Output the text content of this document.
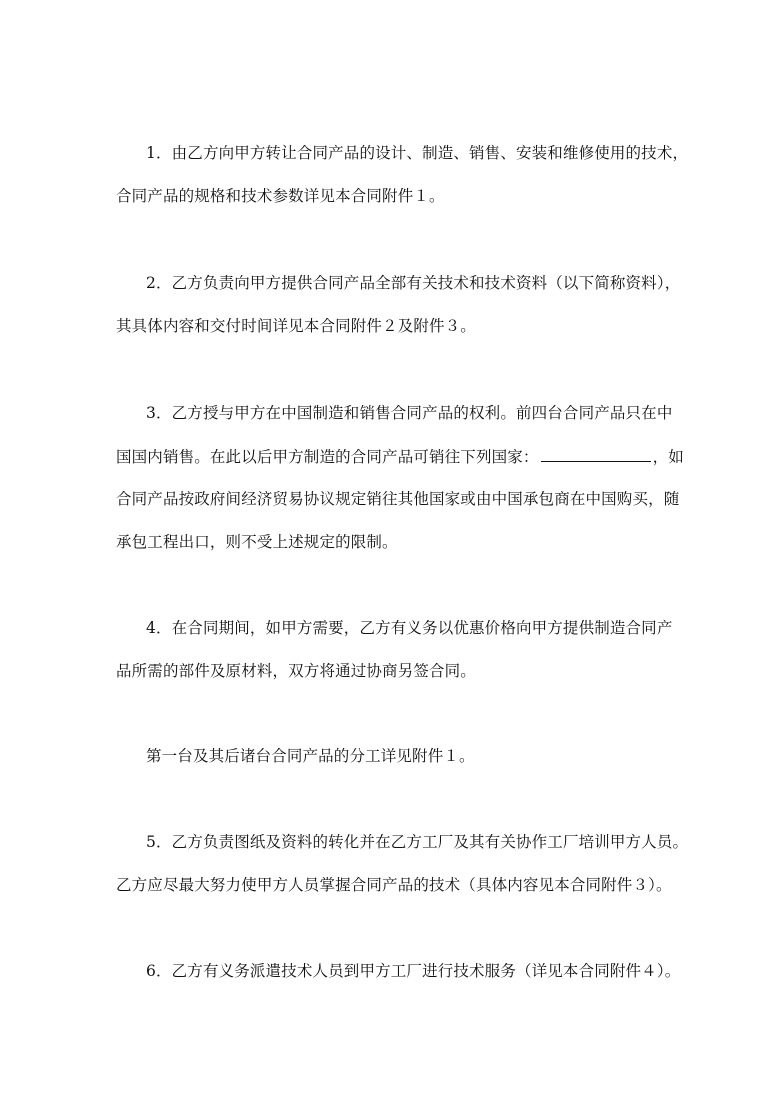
1．由乙方向甲方转让合同产品的设计、制造、销售、安装和维修使用的技术，
合同产品的规格和技术参数详见本合同附件１。
2．乙方负责向甲方提供合同产品全部有关技术和技术资料（以下简称资料），
其具体内容和交付时间详见本合同附件２及附件３。
3．乙方授与甲方在中国制造和销售合同产品的权利。前四台合同产品只在中
国国内销售。在此以后甲方制造的合同产品可销往下列国家：	，如
合同产品按政府间经济贸易协议规定销往其他国家或由中国承包商在中国购买，随
承包工程出口，则不受上述规定的限制。
4．在合同期间，如甲方需要，乙方有义务以优惠价格向甲方提供制造合同产
品所需的部件及原材料，双方将通过协商另签合同。
第一台及其后诸台合同产品的分工详见附件１。
5．乙方负责图纸及资料的转化并在乙方工厂及其有关协作工厂培训甲方人员。
乙方应尽最大努力使甲方人员掌握合同产品的技术（具体内容见本合同附件３）。
6．乙方有义务派遣技术人员到甲方工厂进行技术服务（详见本合同附件４）。
